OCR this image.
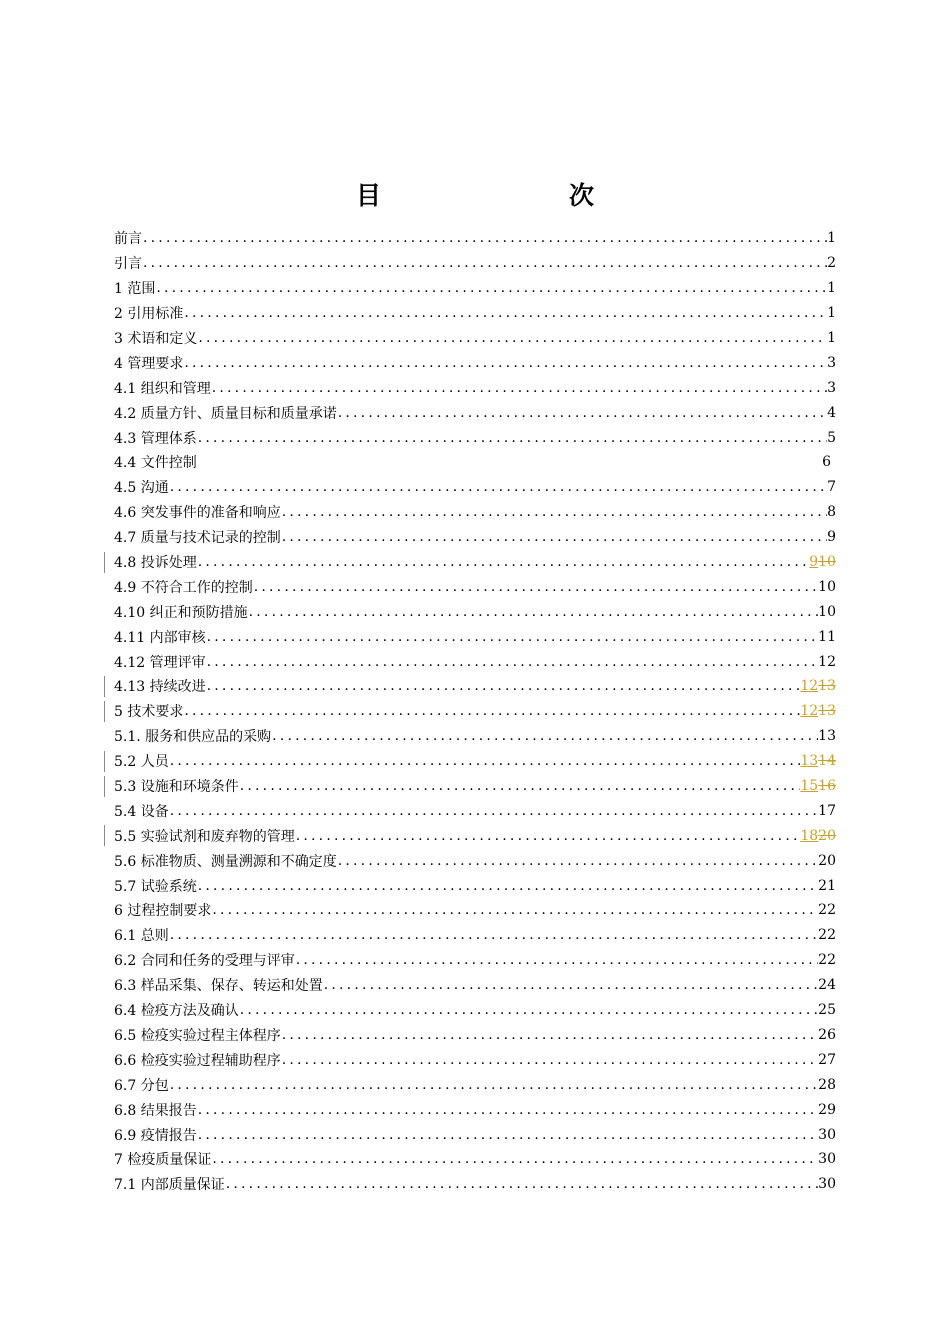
目　　次
前言 .....	1
引言 .....	2
1 范围 .....	1
2 引用标准 .....	1
3 术语和定义 .....	1
4 管理要求 .....	3
4.1 组织和管理 .....	3
4.2 质量方针、质量目标和质量承诺 .....	4
4.3 管理体系 .....	5
4.4 文件控制	6
4.5 沟通 .....	7
4.6 突发事件的准备和响应 .....	8
4.7 质量与技术记录的控制 .....	9
4.8 投诉处理 .....	910
4.9 不符合工作的控制 .....	10
4.10 纠正和预防措施 .....	10
4.11 内部审核 .....	11
4.12 管理评审 .....	12
4.13 持续改进 .....	1213
5 技术要求 .....	1213
5.1. 服务和供应品的采购 .....	13
5.2 人员 .....	1314
5.3 设施和环境条件 .....	1516
5.4 设备 .....	17
5.5 实验试剂和废弃物的管理 .....	1820
5.6 标准物质、测量溯源和不确定度 .....	20
5.7 试验系统 .....	21
6 过程控制要求 .....	22
6.1 总则 .....	22
6.2 合同和任务的受理与评审 .....	22
6.3 样品采集、保存、转运和处置 .....	24
6.4 检疫方法及确认 .....	25
6.5 检疫实验过程主体程序 .....	26
6.6 检疫实验过程辅助程序 .....	27
6.7 分包 .....	28
6.8 结果报告 .....	29
6.9 疫情报告 .....	30
7 检疫质量保证 .....	30
7.1 内部质量保证 .....	30
